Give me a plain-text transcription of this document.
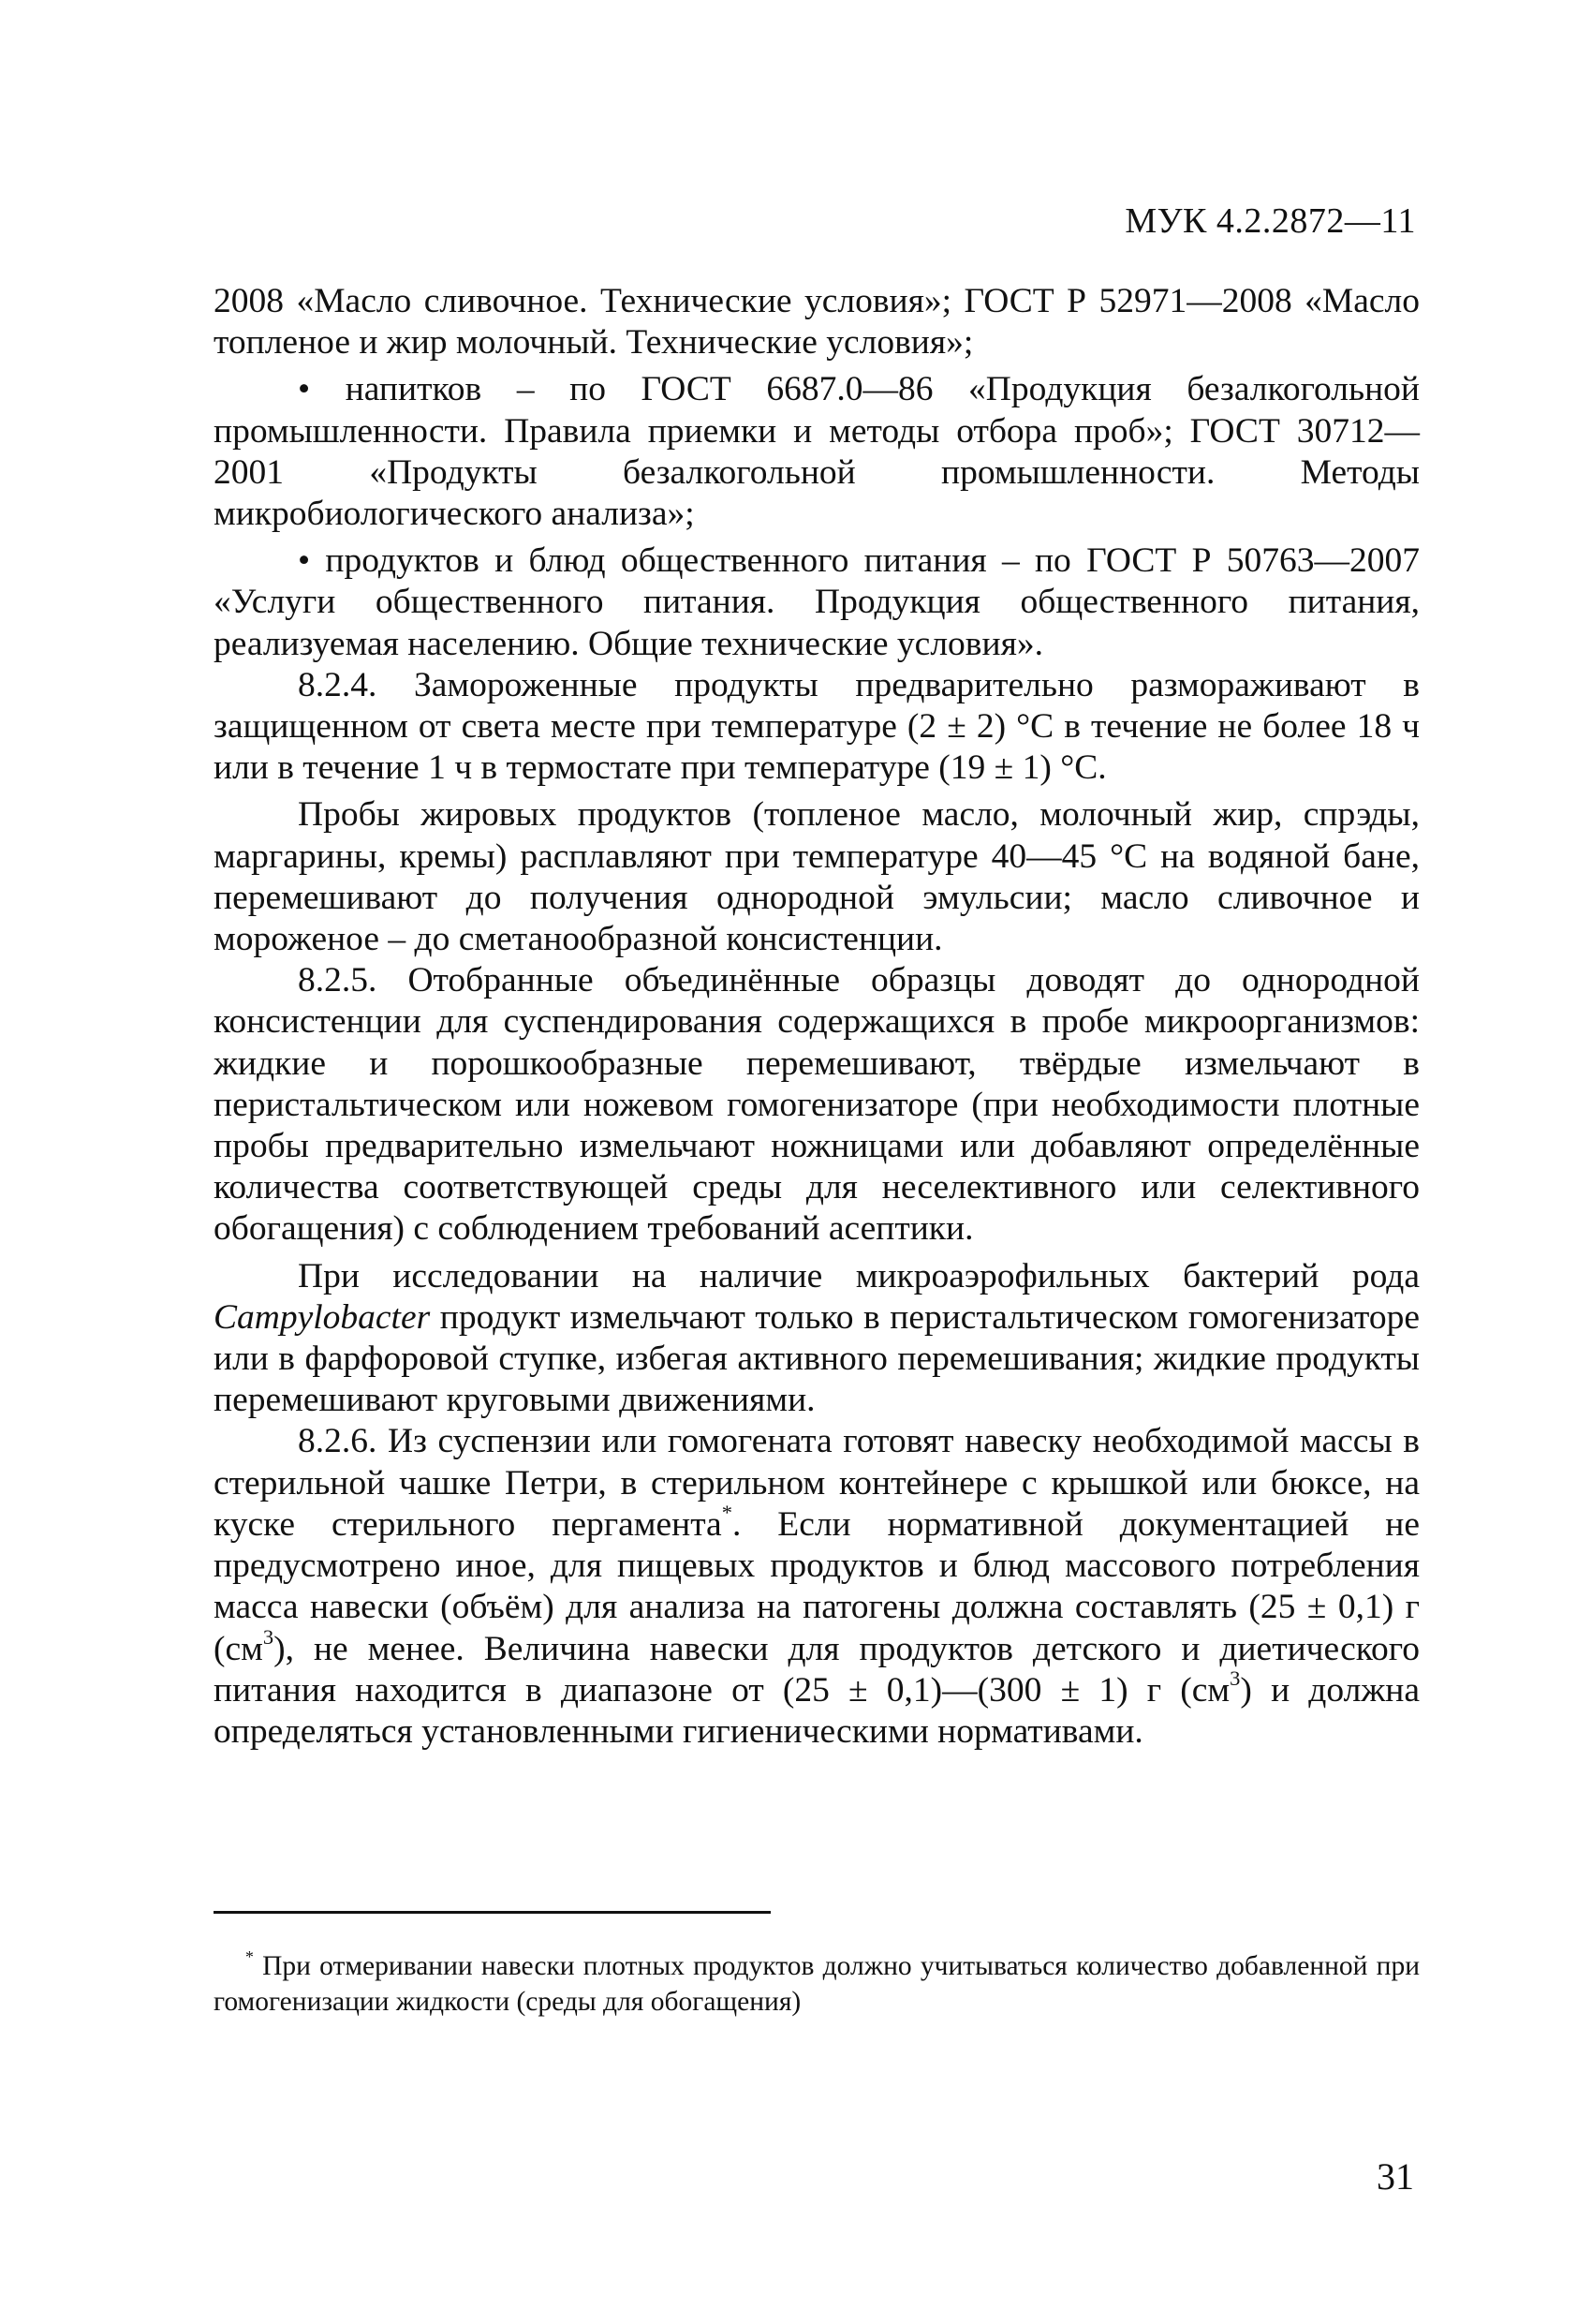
МУК 4.2.2872—11

2008 «Масло сливочное. Технические условия»; ГОСТ Р 52971—2008 «Масло топленое и жир молочный. Технические условия»;

• напитков – по ГОСТ 6687.0—86 «Продукция безалкогольной промышленности. Правила приемки и методы отбора проб»; ГОСТ 30712—2001 «Продукты безалкогольной промышленности. Методы микробиологического анализа»;

• продуктов и блюд общественного питания – по ГОСТ Р 50763—2007 «Услуги общественного питания. Продукция общественного питания, реализуемая населению. Общие технические условия».

8.2.4. Замороженные продукты предварительно размораживают в защищенном от света месте при температуре (2 ± 2) °С в течение не более 18 ч или в течение 1 ч в термостате при температуре (19 ± 1) °С.

Пробы жировых продуктов (топленое масло, молочный жир, спрэды, маргарины, кремы) расплавляют при температуре 40—45 °С на водяной бане, перемешивают до получения однородной эмульсии; масло сливочное и мороженое – до сметанообразной консистенции.

8.2.5. Отобранные объединённые образцы доводят до однородной консистенции для суспендирования содержащихся в пробе микроорганизмов: жидкие и порошкообразные перемешивают, твёрдые измельчают в перистальтическом или ножевом гомогенизаторе (при необходимости плотные пробы предварительно измельчают ножницами или добавляют определённые количества соответствующей среды для неселективного или селективного обогащения) с соблюдением требований асептики.

При исследовании на наличие микроаэрофильных бактерий рода Campylobacter продукт измельчают только в перистальтическом гомогенизаторе или в фарфоровой ступке, избегая активного перемешивания; жидкие продукты перемешивают круговыми движениями.

8.2.6. Из суспензии или гомогената готовят навеску необходимой массы в стерильной чашке Петри, в стерильном контейнере с крышкой или бюксе, на куске стерильного пергамента*. Если нормативной документацией не предусмотрено иное, для пищевых продуктов и блюд массового потребления масса навески (объём) для анализа на патогены должна составлять (25 ± 0,1) г $(см^3)$, не менее. Величина навески для продуктов детского и диетического питания находится в диапазоне от (25 ± 0,1)—(300 ± 1) г $(см^3)$ и должна определяться установленными гигиеническими нормативами.

* При отмеривании навески плотных продуктов должно учитываться количество добавленной при гомогенизации жидкости (среды для обогащения)
31
